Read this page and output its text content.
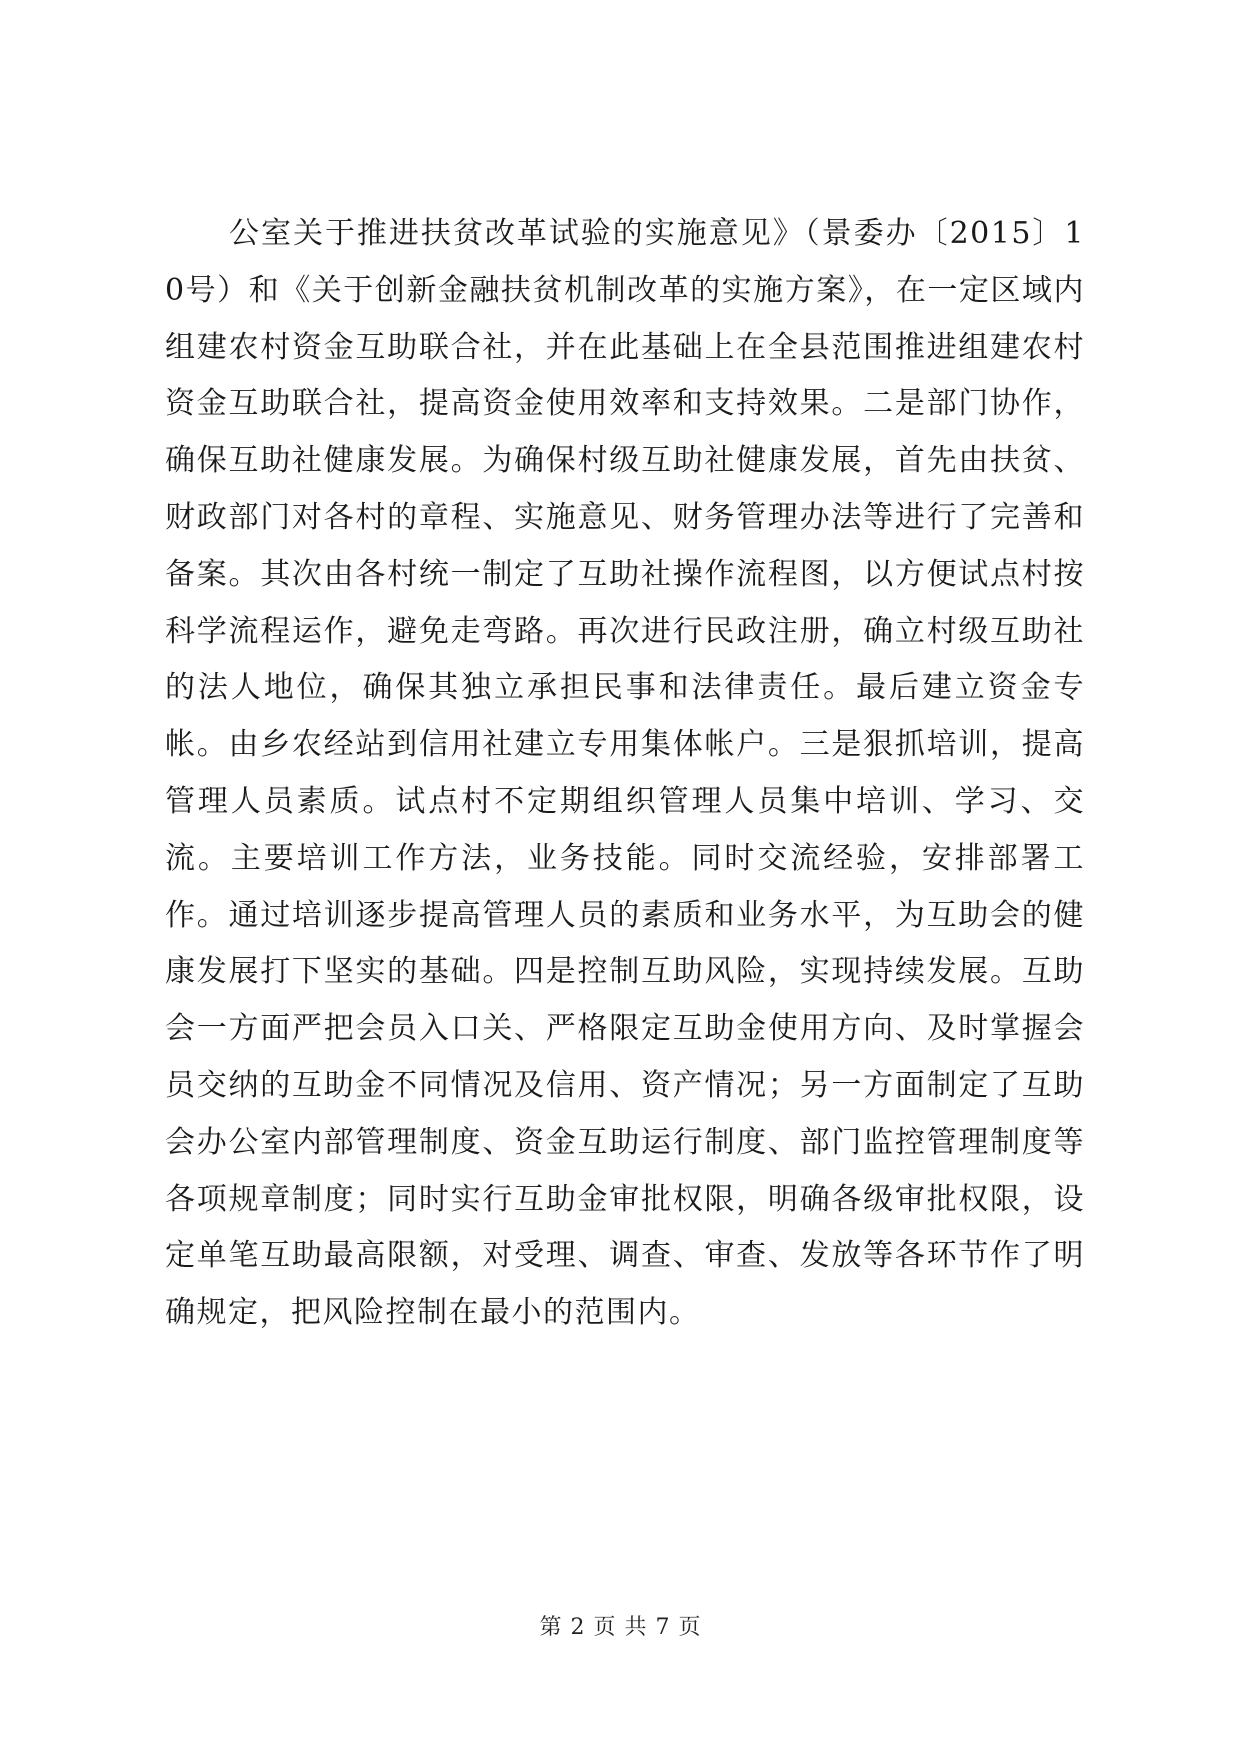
公室关于推进扶贫改革试验的实施意见》（景委办〔2015〕10号）和《关于创新金融扶贫机制改革的实施方案》，在一定区域内组建农村资金互助联合社，并在此基础上在全县范围推进组建农村资金互助联合社，提高资金使用效率和支持效果。二是部门协作，确保互助社健康发展。为确保村级互助社健康发展，首先由扶贫、财政部门对各村的章程、实施意见、财务管理办法等进行了完善和备案。其次由各村统一制定了互助社操作流程图，以方便试点村按科学流程运作，避免走弯路。再次进行民政注册，确立村级互助社的法人地位，确保其独立承担民事和法律责任。最后建立资金专帐。由乡农经站到信用社建立专用集体帐户。三是狠抓培训，提高管理人员素质。试点村不定期组织管理人员集中培训、学习、交流。主要培训工作方法，业务技能。同时交流经验，安排部署工作。通过培训逐步提高管理人员的素质和业务水平，为互助会的健康发展打下坚实的基础。四是控制互助风险，实现持续发展。互助会一方面严把会员入口关、严格限定互助金使用方向、及时掌握会员交纳的互助金不同情况及信用、资产情况；另一方面制定了互助会办公室内部管理制度、资金互助运行制度、部门监控管理制度等各项规章制度；同时实行互助金审批权限，明确各级审批权限，设定单笔互助最高限额，对受理、调查、审查、发放等各环节作了明确规定，把风险控制在最小的范围内。

第 2 页 共 7 页
